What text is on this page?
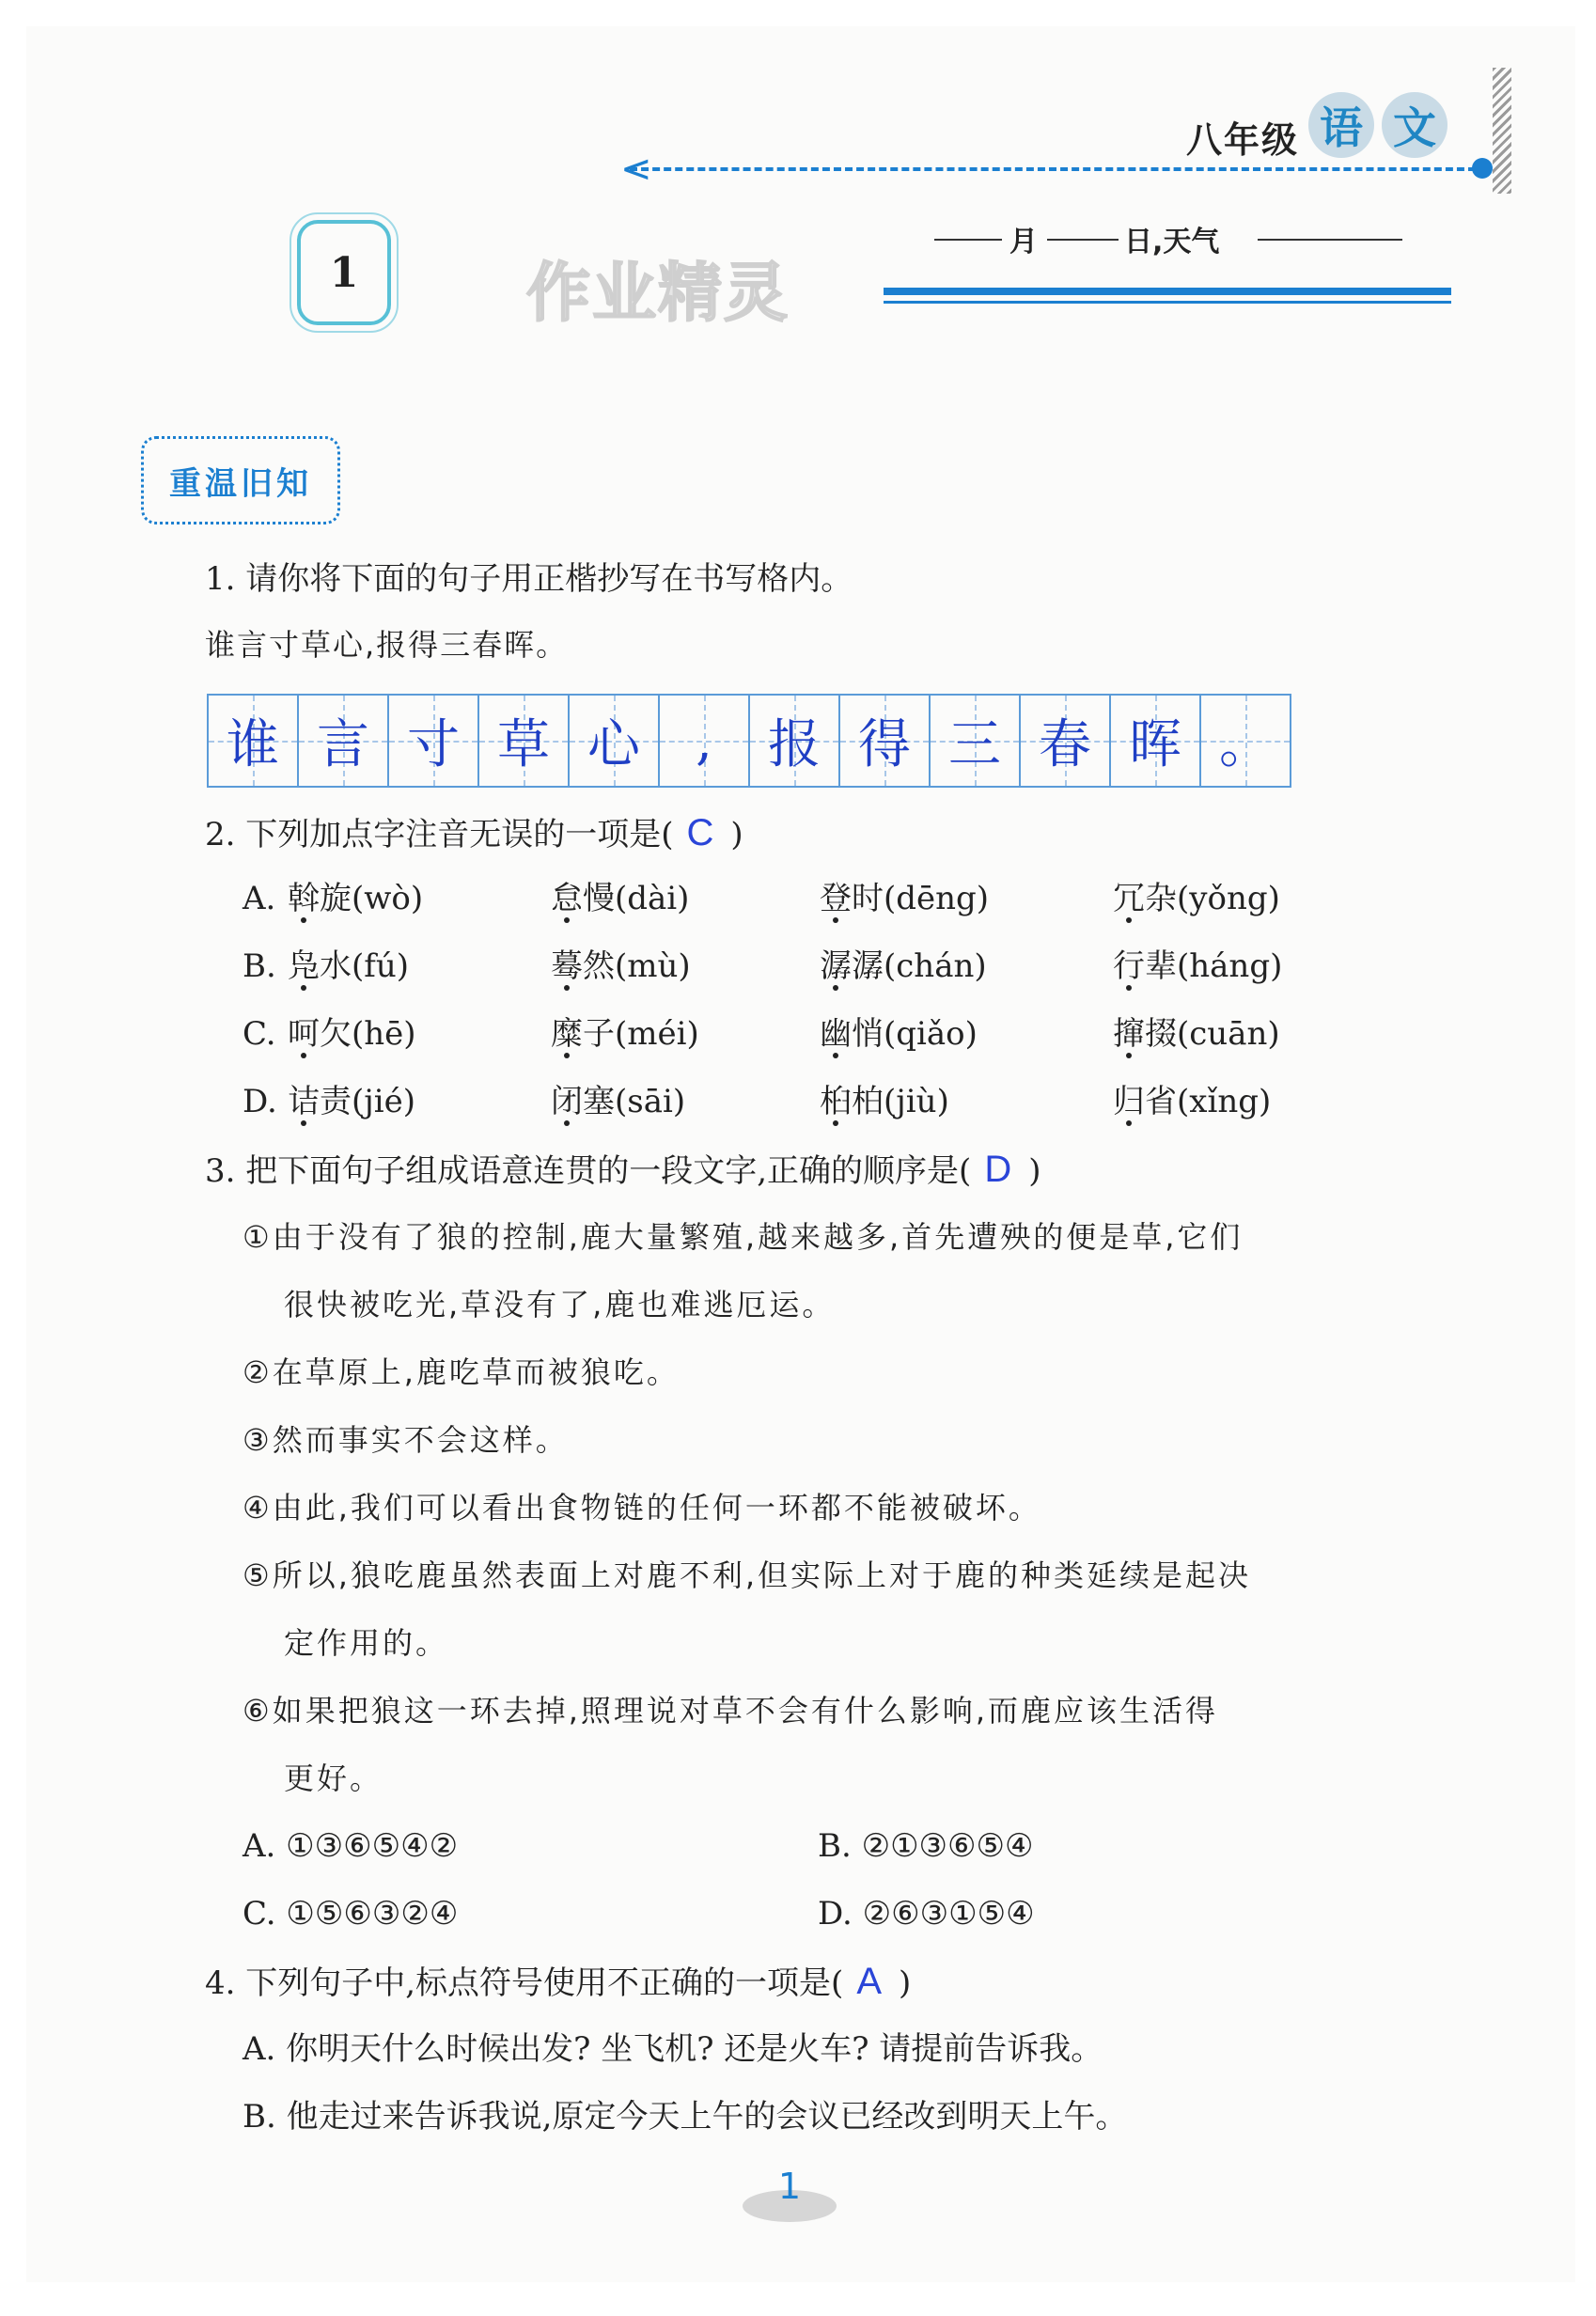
八年级 语 文
<
1	作业精灵
月	日,天气
重温旧知
1. 请你将下面的句子用正楷抄写在书写格内。
谁言寸草心,报得三春晖。
谁 言 寸 草 心 , 报 得 三 春 晖 。
2. 下列加点字注音无误的一项是( C )
A. 斡旋(wò)	怠慢(dài)	登时(dēng)	冗杂(yǒng)
B. 凫水(fú)	蓦然(mù)	潺潺(chán)	行辈(háng)
C. 呵欠(hē)	糜子(méi)	幽悄(qiǎo)	撺掇(cuān)
D. 诘责(jié)	闭塞(sāi)	桕柏(jiù)	归省(xǐng)
3. 把下面句子组成语意连贯的一段文字,正确的顺序是( D )
①由于没有了狼的控制,鹿大量繁殖,越来越多,首先遭殃的便是草,它们
很快被吃光,草没有了,鹿也难逃厄运。
②在草原上,鹿吃草而被狼吃。
③然而事实不会这样。
④由此,我们可以看出食物链的任何一环都不能被破坏。
⑤所以,狼吃鹿虽然表面上对鹿不利,但实际上对于鹿的种类延续是起决
定作用的。
⑥如果把狼这一环去掉,照理说对草不会有什么影响,而鹿应该生活得
更好。
A. ①③⑥⑤④②	B. ②①③⑥⑤④
C. ①⑤⑥③②④	D. ②⑥③①⑤④
4. 下列句子中,标点符号使用不正确的一项是( A )
A. 你明天什么时候出发? 坐飞机? 还是火车? 请提前告诉我。
B. 他走过来告诉我说,原定今天上午的会议已经改到明天上午。
1
